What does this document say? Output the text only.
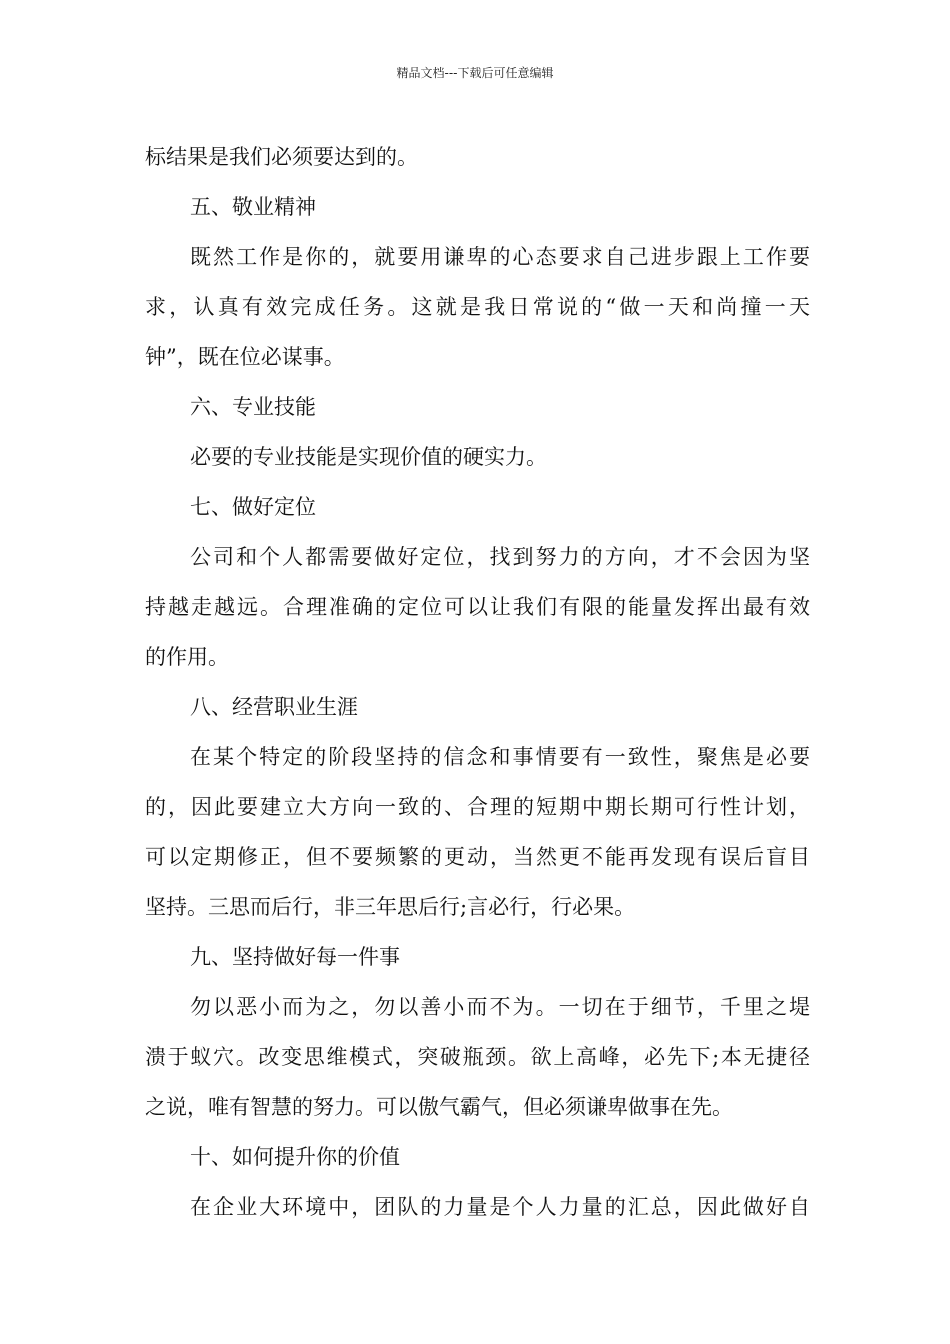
精品文档---下载后可任意编辑
标结果是我们必须要达到的。
五、敬业精神
既然工作是你的，就要用谦卑的心态要求自己进步跟上工作要
求，认真有效完成任务。这就是我日常说的“做一天和尚撞一天
钟”，既在位必谋事。
六、专业技能
必要的专业技能是实现价值的硬实力。
七、做好定位
公司和个人都需要做好定位，找到努力的方向，才不会因为坚
持越走越远。合理准确的定位可以让我们有限的能量发挥出最有效
的作用。
八、经营职业生涯
在某个特定的阶段坚持的信念和事情要有一致性，聚焦是必要
的，因此要建立大方向一致的、合理的短期中期长期可行性计划，
可以定期修正，但不要频繁的更动，当然更不能再发现有误后盲目
坚持。三思而后行，非三年思后行;言必行，行必果。
九、坚持做好每一件事
勿以恶小而为之，勿以善小而不为。一切在于细节，千里之堤
溃于蚁穴。改变思维模式，突破瓶颈。欲上高峰，必先下;本无捷径
之说，唯有智慧的努力。可以傲气霸气，但必须谦卑做事在先。
十、如何提升你的价值
在企业大环境中，团队的力量是个人力量的汇总，因此做好自
